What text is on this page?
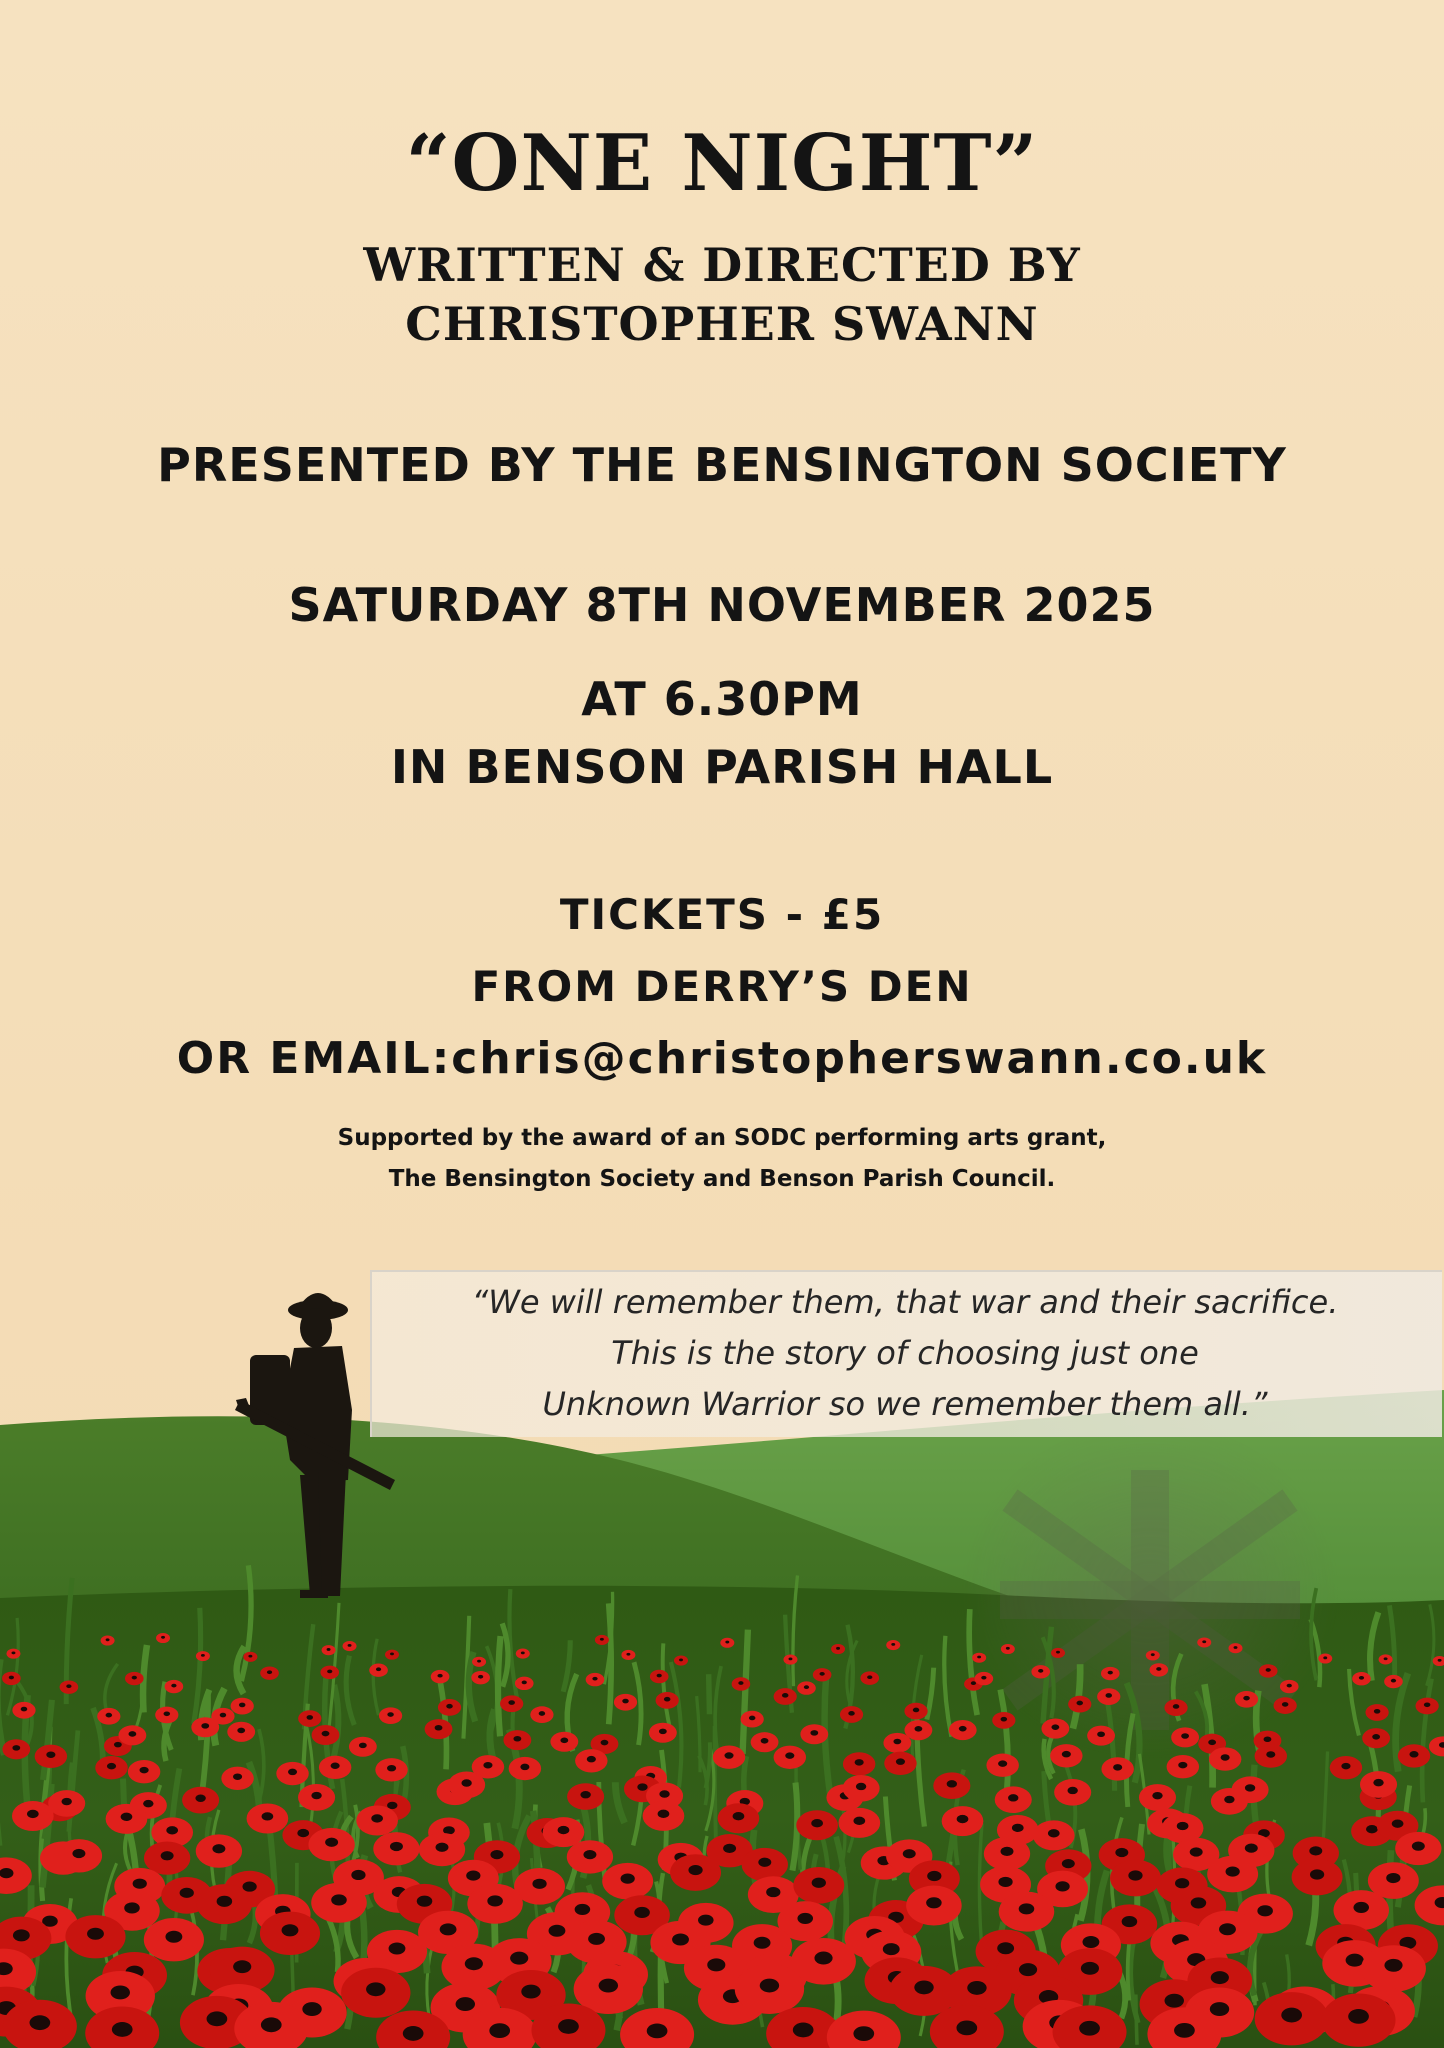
“ONE NIGHT”
WRITTEN & DIRECTED BY
CHRISTOPHER SWANN
PRESENTED BY THE BENSINGTON SOCIETY
SATURDAY 8TH NOVEMBER 2025
AT 6.30PM
IN BENSON PARISH HALL
TICKETS - £5
FROM DERRY’S DEN
OR EMAIL:chris@christopherswann.co.uk
Supported by the award of an SODC performing arts grant,
The Bensington Society and Benson Parish Council.
“We will remember them, that war and their sacrifice.
This is the story of choosing just one
Unknown Warrior so we remember them all.”
